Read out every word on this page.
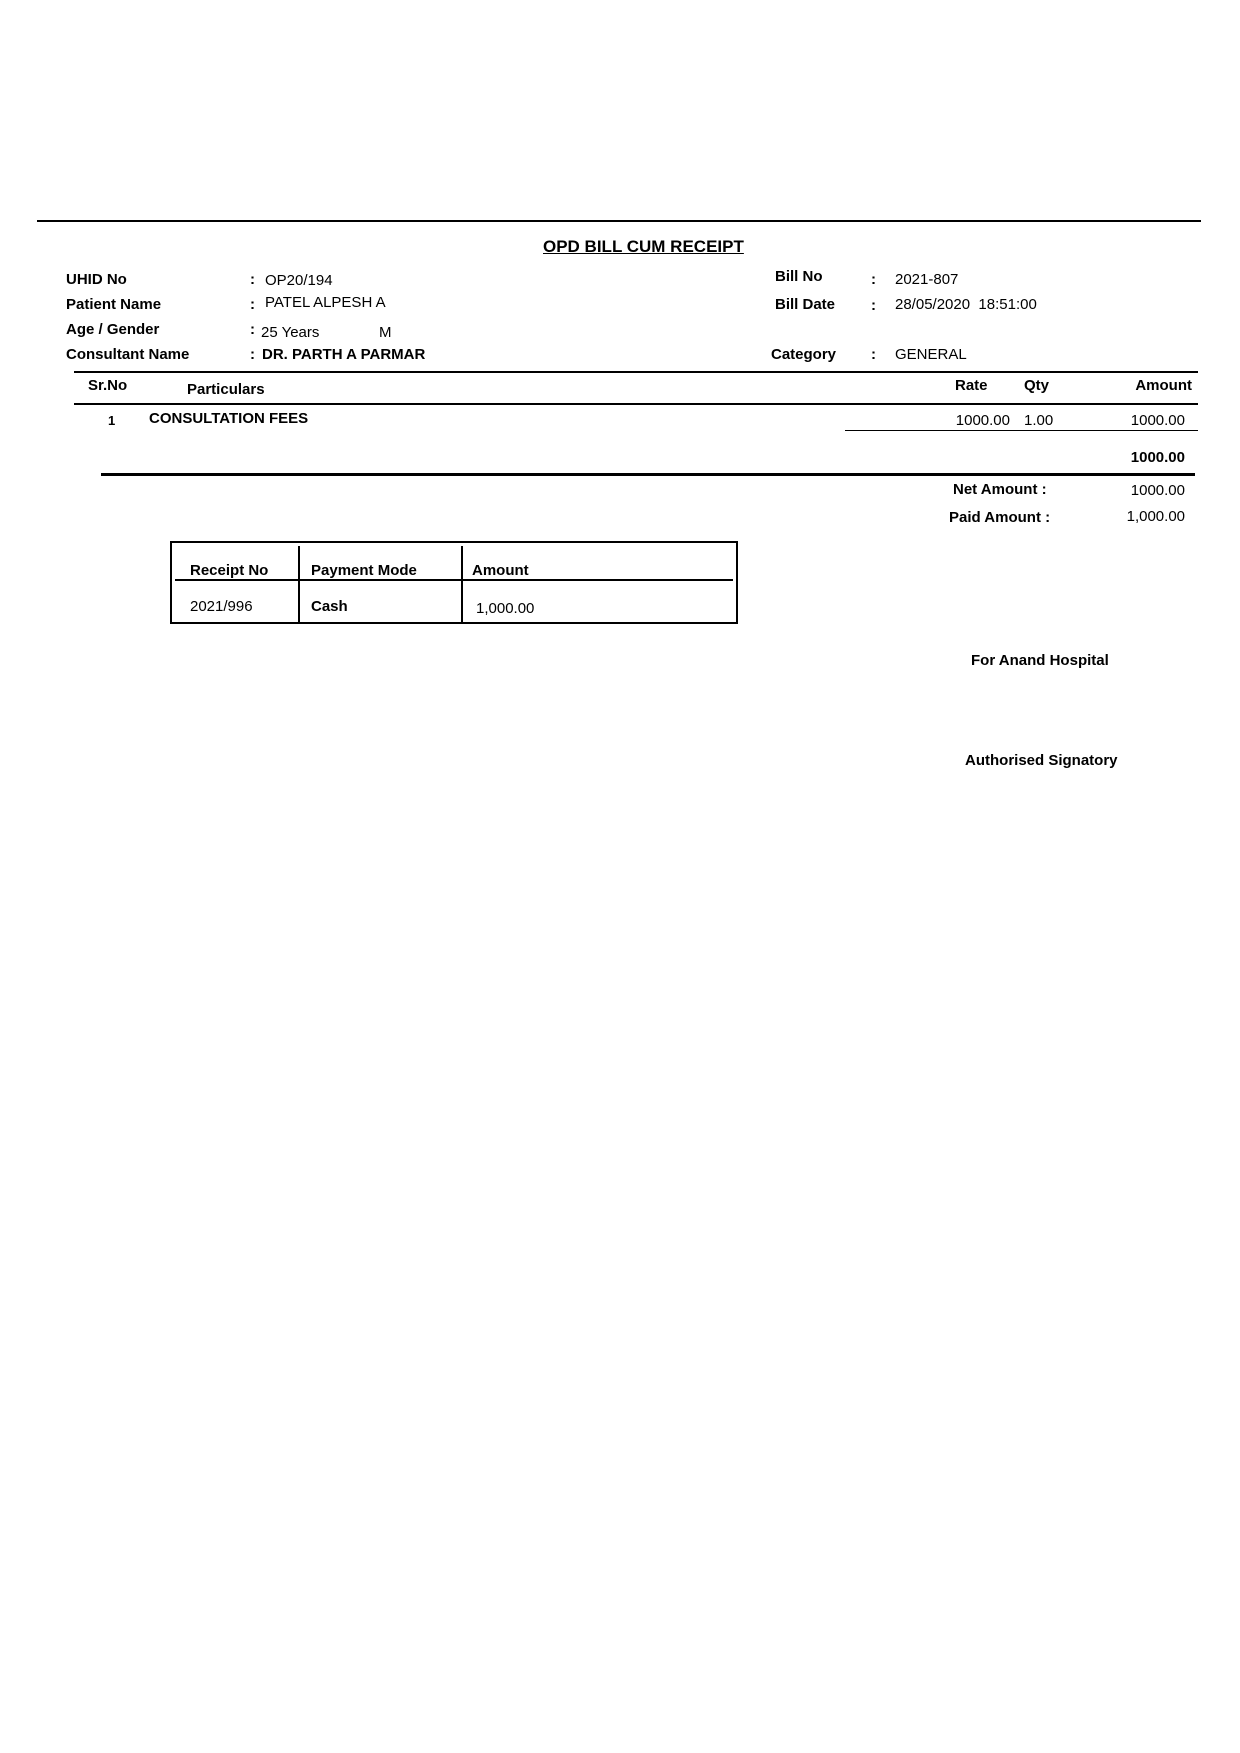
OPD BILL CUM RECEIPT
UHID No	: OP20/194
Patient Name	: PATEL ALPESH A
Age / Gender	: 25 Years	M
Consultant Name	: DR. PARTH A PARMAR
Bill No	: 2021-807
Bill Date : 28/05/2020  18:51:00
Category : GENERAL
Sr.No	Particulars	Rate Qty	Amount
1 CONSULTATION FEES	1000.00 1.00	1000.00
1000.00
Net Amount :	1000.00
Paid Amount :	1,000.00
Receipt No	Payment Mode	Amount
2021/996	Cash	1,000.00
For Anand Hospital
Authorised Signatory
